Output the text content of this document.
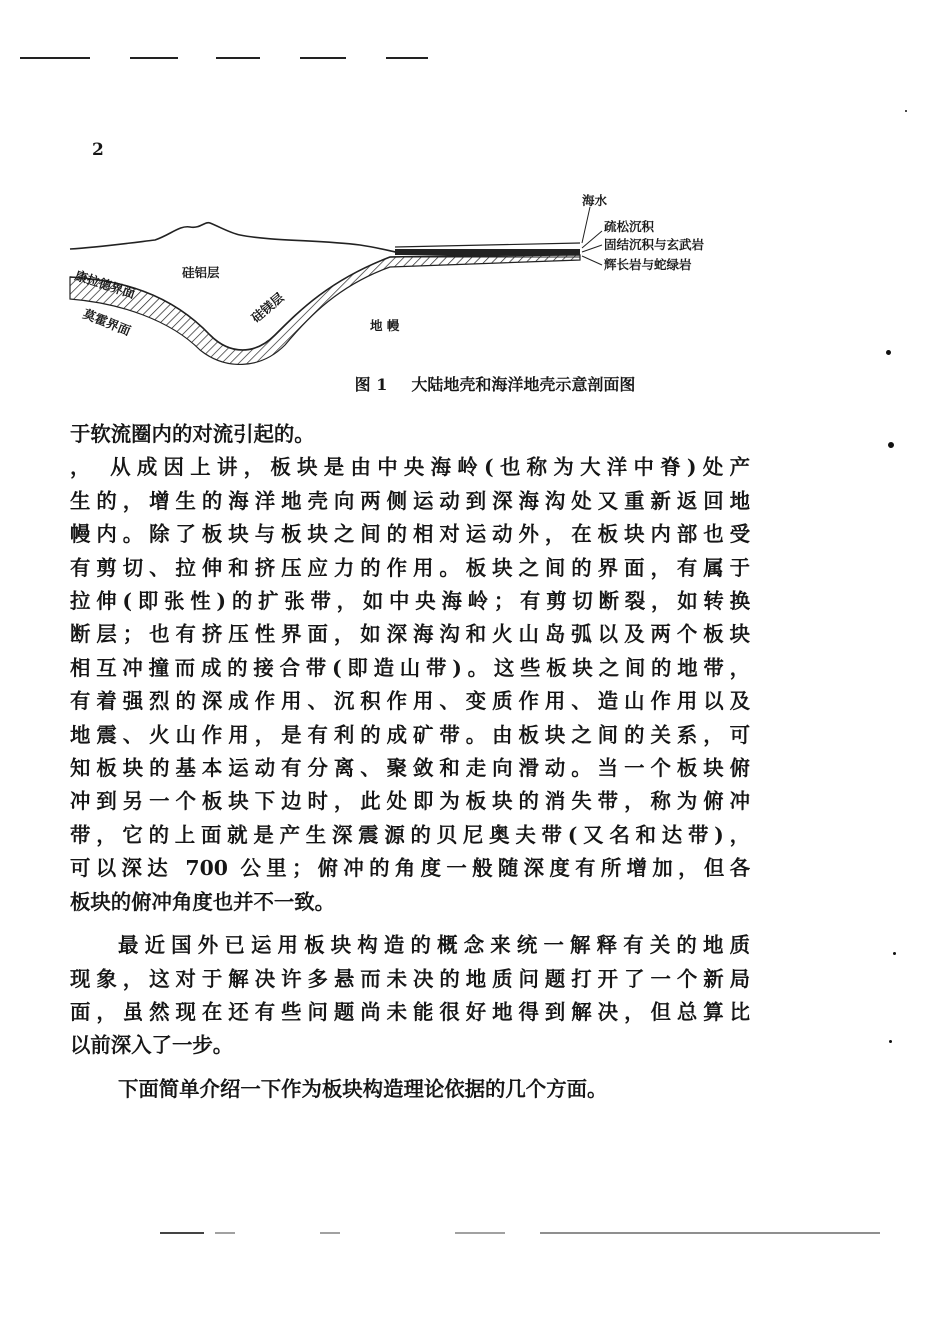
2
海水
疏松沉积
固结沉积与玄武岩
辉长岩与蛇绿岩
硅铝层
硅镁层
地 幔
康拉德界面
莫霍界面
图 1 大陆地壳和海洋地壳示意剖面图
于软流圈内的对流引起的。
， 从成因上讲，板块是由中央海岭(也称为大洋中脊)处产
生的，增生的海洋地壳向两侧运动到深海沟处又重新返回地
幔内。除了板块与板块之间的相对运动外，在板块内部也受
有剪切、拉伸和挤压应力的作用。板块之间的界面，有属于
拉伸(即张性)的扩张带，如中央海岭；有剪切断裂，如转换
断层；也有挤压性界面，如深海沟和火山岛弧以及两个板块
相互冲撞而成的接合带(即造山带)。这些板块之间的地带，
有着强烈的深成作用、沉积作用、变质作用、造山作用以及
地震、火山作用，是有利的成矿带。由板块之间的关系，可
知板块的基本运动有分离、聚敛和走向滑动。当一个板块俯
冲到另一个板块下边时，此处即为板块的消失带，称为俯冲
带，它的上面就是产生深震源的贝尼奥夫带(又名和达带)，
可以深达 700 公里；俯冲的角度一般随深度有所增加，但各
板块的俯冲角度也并不一致。
最近国外已运用板块构造的概念来统一解释有关的地质
现象，这对于解决许多悬而未决的地质问题打开了一个新局
面，虽然现在还有些问题尚未能很好地得到解决，但总算比
以前深入了一步。
下面简单介绍一下作为板块构造理论依据的几个方面。
